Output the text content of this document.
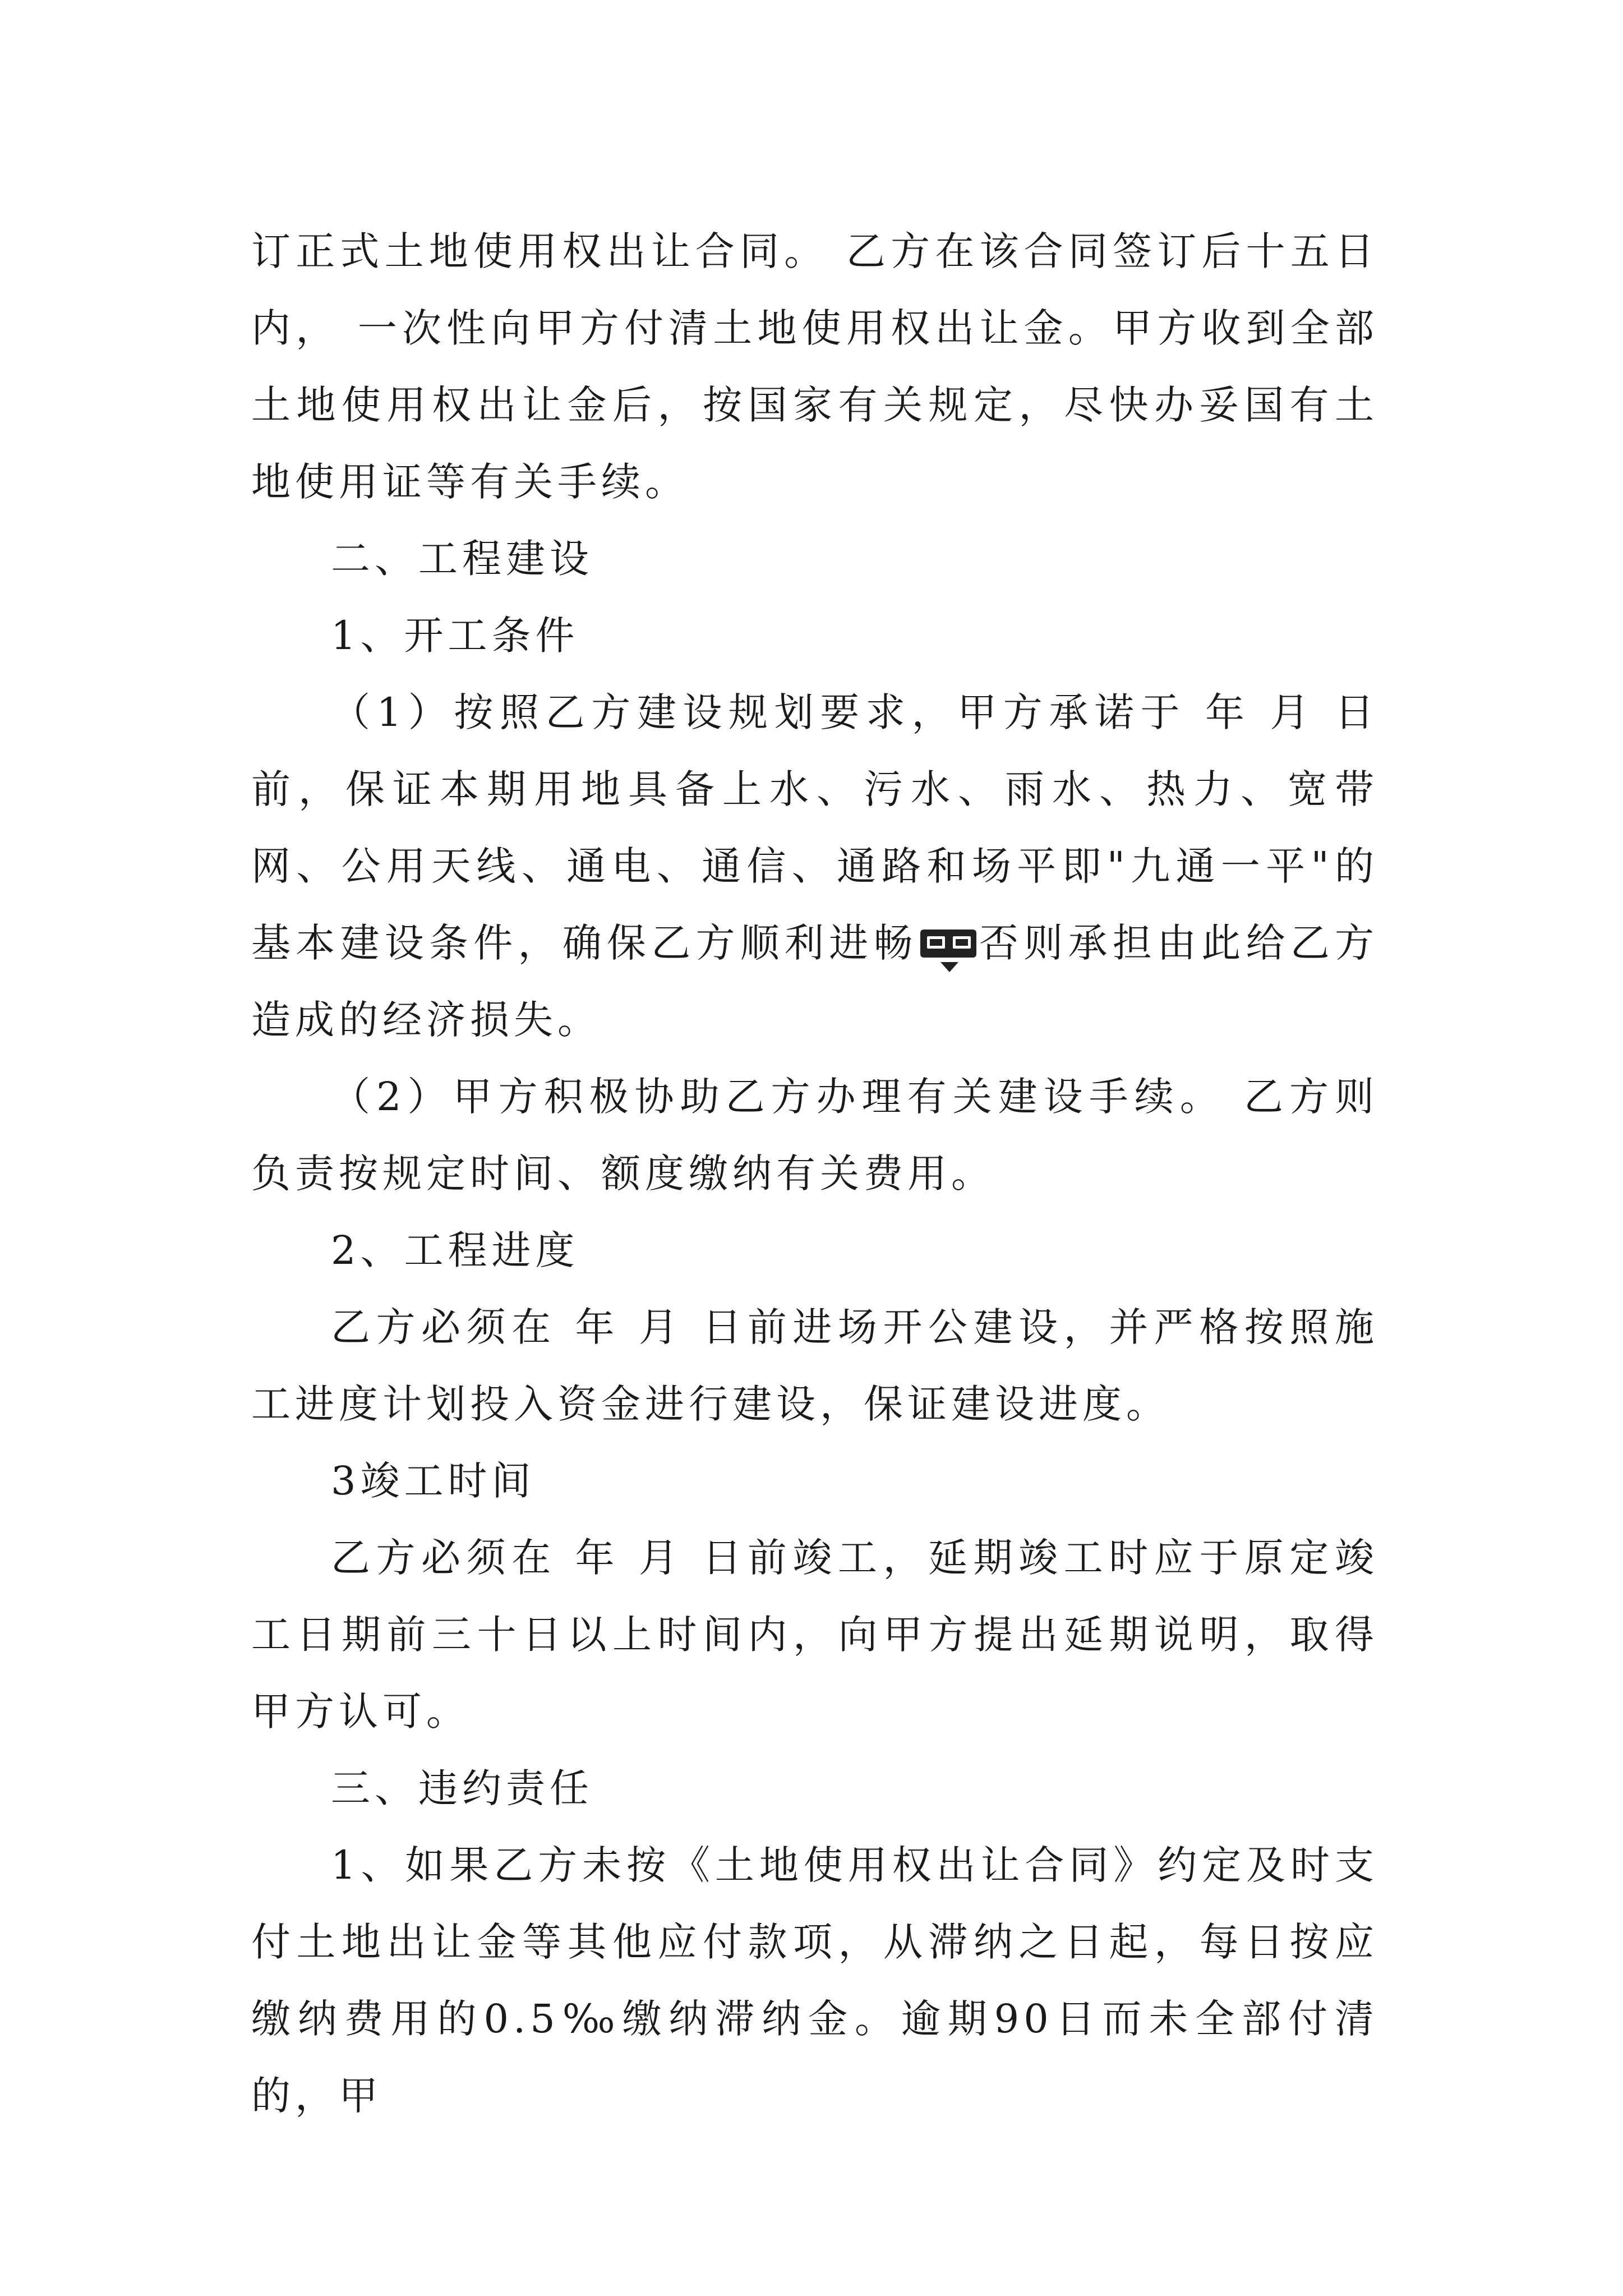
订正式土地使用权出让合同。 乙方在该合同签订后十五日内， 一次性向甲方付清土地使用权出让金。甲方收到全部土地使用权出让金后，按国家有关规定，尽快办妥国有土地使用证等有关手续。

二、工程建设

1、开工条件

（1）按照乙方建设规划要求，甲方承诺于 年 月 日前，保证本期用地具备上水、污水、雨水、热力、宽带网、公用天线、通电、通信、通路和场平即"九通一平"的基本建设条件，确保乙方顺利进畅 否则承担由此给乙方造成的经济损失。

（2）甲方积极协助乙方办理有关建设手续。 乙方则负责按规定时间、额度缴纳有关费用。

2、工程进度

乙方必须在 年 月 日前进场开公建设，并严格按照施工进度计划投入资金进行建设，保证建设进度。

3竣工时间

乙方必须在 年 月 日前竣工，延期竣工时应于原定竣工日期前三十日以上时间内，向甲方提出延期说明，取得甲方认可。

三、违约责任

1、如果乙方未按《土地使用权出让合同》约定及时支付土地出让金等其他应付款项，从滞纳之日起，每日按应缴纳费用的0.5‰缴纳滞纳金。逾期90日而未全部付清的，甲
